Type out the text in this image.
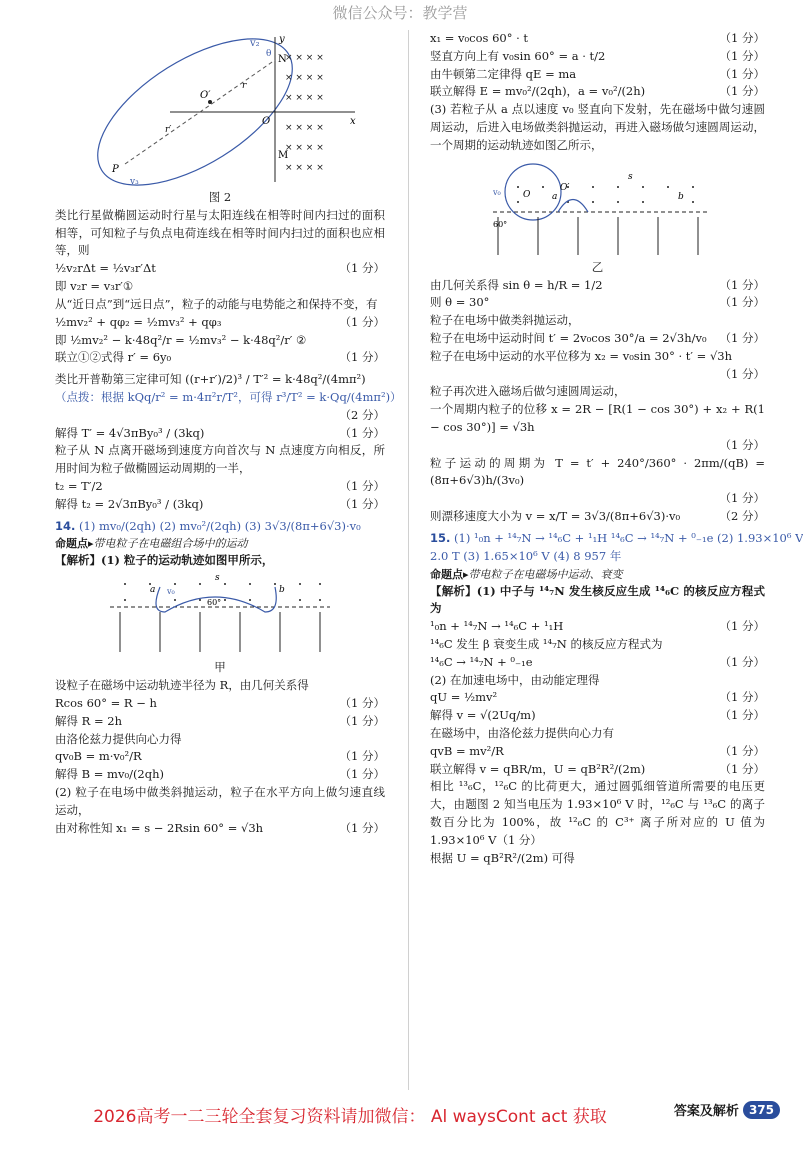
微信公众号：教学营
× × × ×
× × × ×
× × × ×
× × × ×
× × × ×
× × × ×
N
v₂
θ
y
x
O
O′
r
r′
M
P
v₃
图 2
类比行星做椭圆运动时行星与太阳连线在相等时间内扫过的面积相等，可知粒子与负点电荷连线在相等时间内扫过的面积也应相等，则
½v₂rΔt = ½v₃r′Δt	（1 分）
即 v₂r = v₃r′①
从“近日点”到“远日点”，粒子的动能与电势能之和保持不变，有
½mv₂² + qφ₂ = ½mv₃² + qφ₃	（1 分）
即 ½mv₂² − k·48q²/r = ½mv₃² − k·48q²/r′ ②
联立①②式得 r′ = 6y₀	（1 分）
类比开普勒第三定律可知 ((r+r′)/2)³ / T′² = k·48q²/(4mπ²)
（点拨：根据 kQq/r² = m·4π²r/T²，可得 r³/T² = k·Qq/(4mπ²)）
（2 分）

解得 T′ = 4√3πBy₀³ / (3kq)	（1 分）
粒子从 N 点离开磁场到速度方向首次与 N 点速度方向相反，所用时间为粒子做椭圆运动周期的一半，
t₂ = T′/2	（1 分）
解得 t₂ = 2√3πBy₀³ / (3kq)	（1 分）
14. (1) mv₀/(2qh) (2) mv₀²/(2qh) (3) 3√3/(8π+6√3)·v₀
命题点▸带电粒子在电磁组合场中的运动
【解析】(1) 粒子的运动轨迹如图甲所示，
s
a	b
v₀
60°
甲
设粒子在磁场中运动轨迹半径为 R，由几何关系得
Rcos 60° = R − h	（1 分）
解得 R = 2h	（1 分）
由洛伦兹力提供向心力得
qv₀B = m·v₀²/R	（1 分）
解得 B = mv₀/(2qh)	（1 分）
(2) 粒子在电场中做类斜抛运动，粒子在水平方向上做匀速直线运动，
由对称性知 x₁ = s − 2Rsin 60° = √3h	（1 分）
x₁ = v₀cos 60° · t	（1 分）
竖直方向上有 v₀sin 60° = a · t/2	（1 分）
由牛顿第二定律得 qE = ma	（1 分）
联立解得 E = mv₀²/(2qh)，a = v₀²/(2h)	（1 分）
(3) 若粒子从 a 点以速度 v₀ 竖直向下发射，先在磁场中做匀速圆周运动，后进入电场做类斜抛运动，再进入磁场做匀速圆周运动，一个周期的运动轨迹如图乙所示，
s
a	b
v₀ O
O′
60°
乙
由几何关系得 sin θ = h/R = 1/2	（1 分）
则 θ = 30°	（1 分）
粒子在电场中做类斜抛运动，
粒子在电场中运动时间 t′ = 2v₀cos 30°/a = 2√3h/v₀ （1 分）
粒子在电场中运动的水平位移为 x₂ = v₀sin 30° · t′ = √3h
（1 分）

粒子再次进入磁场后做匀速圆周运动，
一个周期内粒子的位移 x = 2R − [R(1 − cos 30°) + x₂ + R(1 − cos 30°)] = √3h
（1 分）

粒子运动的周期为 T = t′ + 240°/360° · 2πm/(qB) = (8π+6√3)h/(3v₀)
（1 分）

则漂移速度大小为 v = x/T = 3√3/(8π+6√3)·v₀	（2 分）
15. (1) ¹₀n + ¹⁴₇N → ¹⁴₆C + ¹₁H ¹⁴₆C → ¹⁴₇N + ⁰₋₁e (2) 1.93×10⁶ V
2.0 T (3) 1.65×10⁶ V (4) 8 957 年
命题点▸带电粒子在电磁场中运动、衰变
【解析】(1) 中子与 ¹⁴₇N 发生核反应生成 ¹⁴₆C 的核反应方程式为
¹₀n + ¹⁴₇N → ¹⁴₆C + ¹₁H	（1 分）
¹⁴₆C 发生 β 衰变生成 ¹⁴₇N 的核反应方程式为
¹⁴₆C → ¹⁴₇N + ⁰₋₁e	（1 分）
(2) 在加速电场中，由动能定理得
qU = ½mv²	（1 分）
解得 v = √(2Uq/m)	（1 分）
在磁场中，由洛伦兹力提供向心力有
qvB = mv²/R	（1 分）
联立解得 v = qBR/m，U = qB²R²/(2m)	（1 分）
相比 ¹³₆C，¹²₆C 的比荷更大，通过圆弧细管道所需要的电压更大，由题图 2 知当电压为 1.93×10⁶ V 时，¹²₆C 与 ¹³₆C 的离子数百分比为 100%，故 ¹²₆C 的 C³⁺ 离子所对应的 U 值为 1.93×10⁶ V（1 分）
根据 U = qB²R²/(2m) 可得
2026高考一二三轮全套复习资料请加微信： Al waysCont act 获取	答案及解析 375
